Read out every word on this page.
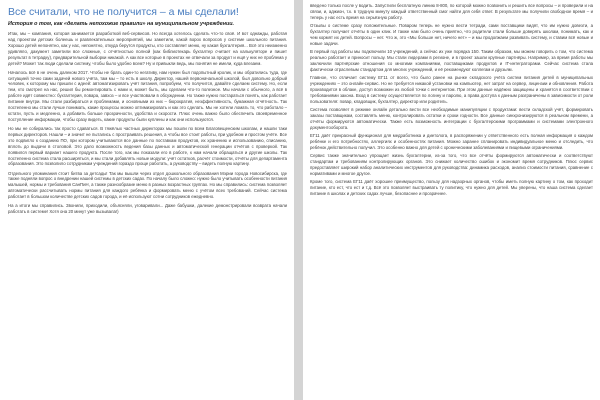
Все считали, что не получится – а мы сделали!

История о том, как «делать непохожие правили» на муниципальном учреждении.

Итак, мы – компания, которая занимается разработкой веб-сервисов. Но всегда хотелось сделать что-то своё. И вот однажды, работая над проектом детских болеешь и развлекательных мероприятий, мы заметили, какой ворох вопросов у системе школьного питания. Хорошо детей непонятно, как у нас, непонятно, откуда берутся продукты, кто составляет меню, ну какая бухгалтерия... Всё это неизменно удивляло, дакумент заметили все сложные, с отчётностью полной (как библиотекарь бухгалтер считает на калькуляторе и пишет результат в тетрадку), предварительной выборки никакой. А как все которые в проектах не отвечали за продукт и ещё у них не проблема у детей? Может так люди сделали систему, чтобы было удобно всем? Ну и привыкли ведь, мы понятия не имели, куда влезаем.

Началось всё в не очень далеком 2017. Чтобы не брать один-то негативу, нам нужен был подопытный кролик, и мы обратились туда, где ситуацией точно сами задачей нового учёта, там мы – то есть в школу. Директор, нашей первоначальной школой, был довольно добрый человек, к которому мы пришли с идеей: автоматизировать учёт питания, попробуем, что получится, давайте сделаем систему. Но, если тем, кто смотрел на нас, решил бы ремонтировать с нами и, может быть, мы сделаем что-то полезное. Мы начали с обычного, а всё в работе идёт совместно: бухгалтерия, повара, завхоз – и все участвовали в обсуждении. Но также нужно постараться понять, как работает питание внутри. Мы стали разбираться и проблемами, и основными из них – бюрократия, неэффективность, бумажная отчётность. Так постепенно мы стали лучше понимать, какие процессы можно оптимизировать и как это сделать. Мы не хотели ломать то, что работало – кстати, пусть и медленно, а добавить больше прозрачности, удобства и скорости. Плюс очень важно было обеспечить своевременное поступление информации, чтобы сразу видеть, какие продукты были куплены и как они используются.

Но мы не собирались так просто сдаваться. В тяжёлых частных директорах мы пошли по всем Благовещенским школам, и нашли таки первых директоров. Нашли – и значит не пытались с простраивать решения, а чтобы все стоит работы, при удобном и простом учёте. Все это подвигло к созданию ПО, при котором учитываются все данные по поставкам продуктов, их хранению и использованию, списанию, вплоть до выдачи в столовой. Это дало возможность ведения базы данных и автоматической генерации отчётов с проверкой. Так появился первый вариант нашего продукта. После того, как мы показали его в работе, к нам начали обращаться и другие школы. Так постепенно система стала расширяться, и мы стали добавлять новые модули: учёт остатков, расчёт стоимости, отчёты для департамента образования. Это позволило сотрудникам учреждений гораздо проще работать, а руководству – видеть полную картину.

Отдельного упоминания стоит битва за детсады! Так мы вышли через отдел дошкольного образования Мэрии города Новосибирска, где также подняли вопрос о внедрении нашей системы в детских садах. По началу было сложно: нужно было учитывать особенности питания малышей, нормы и требования СанПиН, а также разнообразие меню в разных возрастных группах. Но мы справились: система позволяет автоматически рассчитывать нормы питания для каждого ребёнка и формировать меню с учётом всех требований. Сейчас система работает в большом количестве детских садов города, и её используют сотни сотрудников ежедневно.

На а итоги мы справились. Звонили, приходили, объясняли, уговаривали... Даже бабушки, далекие демонстрировали возврата начали работать в системе! Хотя она 20 минут уже вызывала!)

введено только после у водить. Запустили бесплатную линию 8-800, по которой можно позвонить и решить все вопросы – и проверили и на связи, и, аджион, т.к. в трудную минуту каждый ответственный смог найти для себя ответ. В результате мы получили свободное время – и теперь у нас есть время на серьёзную работу.

Отзывы о системе сразу положительные. Поваром теперь не нужно вести тетради, сами поставщики видят, что им нужно довезти, а бухгалтер получает отчёты в один клик. И также нам было очень приятно, что родители стали больше доверять школам, понимать, как и чем кормят их детей. Вопросы – нет. Что ж, это «Мы больше нет, ничего нет» – и мы продолжаем развивать систему, и ставим всё новые и новые задачи.

В первый год работы мы подключили 10 учреждений, а сейчас их уже порядка 150. Таким образом, мы можем говорить о том, что система реально работает и приносит пользу. Мы стали лидерами в регионе, и в проект зашли крупные партнёры. Например, за время работы мы заключили партнёрские отношения со многими компаниями, поставщиками продуктов и IT-интеграторами. Сейчас система стала фактически отраслевым стандартом для многих учреждений, и её рекомендуют коллегам и друзьям.

Главное, что отличает систему ЕГ11 от всего, что было ранее на рынке складского учёта систем питания детей в муниципальных учреждениях – это онлайн-сервис. Но не требуется никакой установки на компьютер, нет затрат на сервер, лицензии и обновления. Работа производится в облаке, доступ возможен из любой точки с интернетом. При этом данные надёжно защищены и хранятся в соответствии с требованиями закона. Вход в систему осуществляется по логину и паролю, а права доступа к данным разграничены в зависимости от роли пользователя: повар, кладовщик, бухгалтер, директор или родитель.

Система позволяет в режиме онлайн детально вести все необходимые манипуляции с продуктами: вести складской учёт, формировать заказы поставщикам, составлять меню, контролировать остатки и сроки годности. Все данные синхронизируются в реальном времени, а отчёты формируются автоматически. Также есть возможность интеграции с бухгалтерскими программами и системами электронного документооборота.

ЕГ11 даёт прекрасный функционал для медработника и диетолога, в распоряжении у ответственного есть полная информация о каждом ребёнке и его потребностях, аллергиях и особенностях питания. Можно заранее спланировать индивидуальное меню и отследить, что ребёнок действительно получил. Это особенно важно для детей с хроническими заболеваниями и пищевыми ограничениями.

Сервис также значительно упрощает жизнь бухгалтерии, из-за того, что все отчёты формируются автоматически и соответствуют стандартам и требованиям контролирующих органов. Это снижает количество ошибок и экономит время сотрудников. Плюс сервис предоставляет широкий набор аналитических инструментов для руководства: динамика расходов, анализ стоимости питания, сравнение с нормативами и многое другое.

Кроме того, система ЕГ11 даёт хорошее преимущество, пользу для надзорных органов, чтобы иметь полную картину о том, как проходит питание, кто ест, что ест и т.д. Всё это позволяет выстраивать ту политику, что нужно для детей. Мы уверены, что наша система сделает питание в школах и детских садах лучше, безопаснее и прозрачнее.
